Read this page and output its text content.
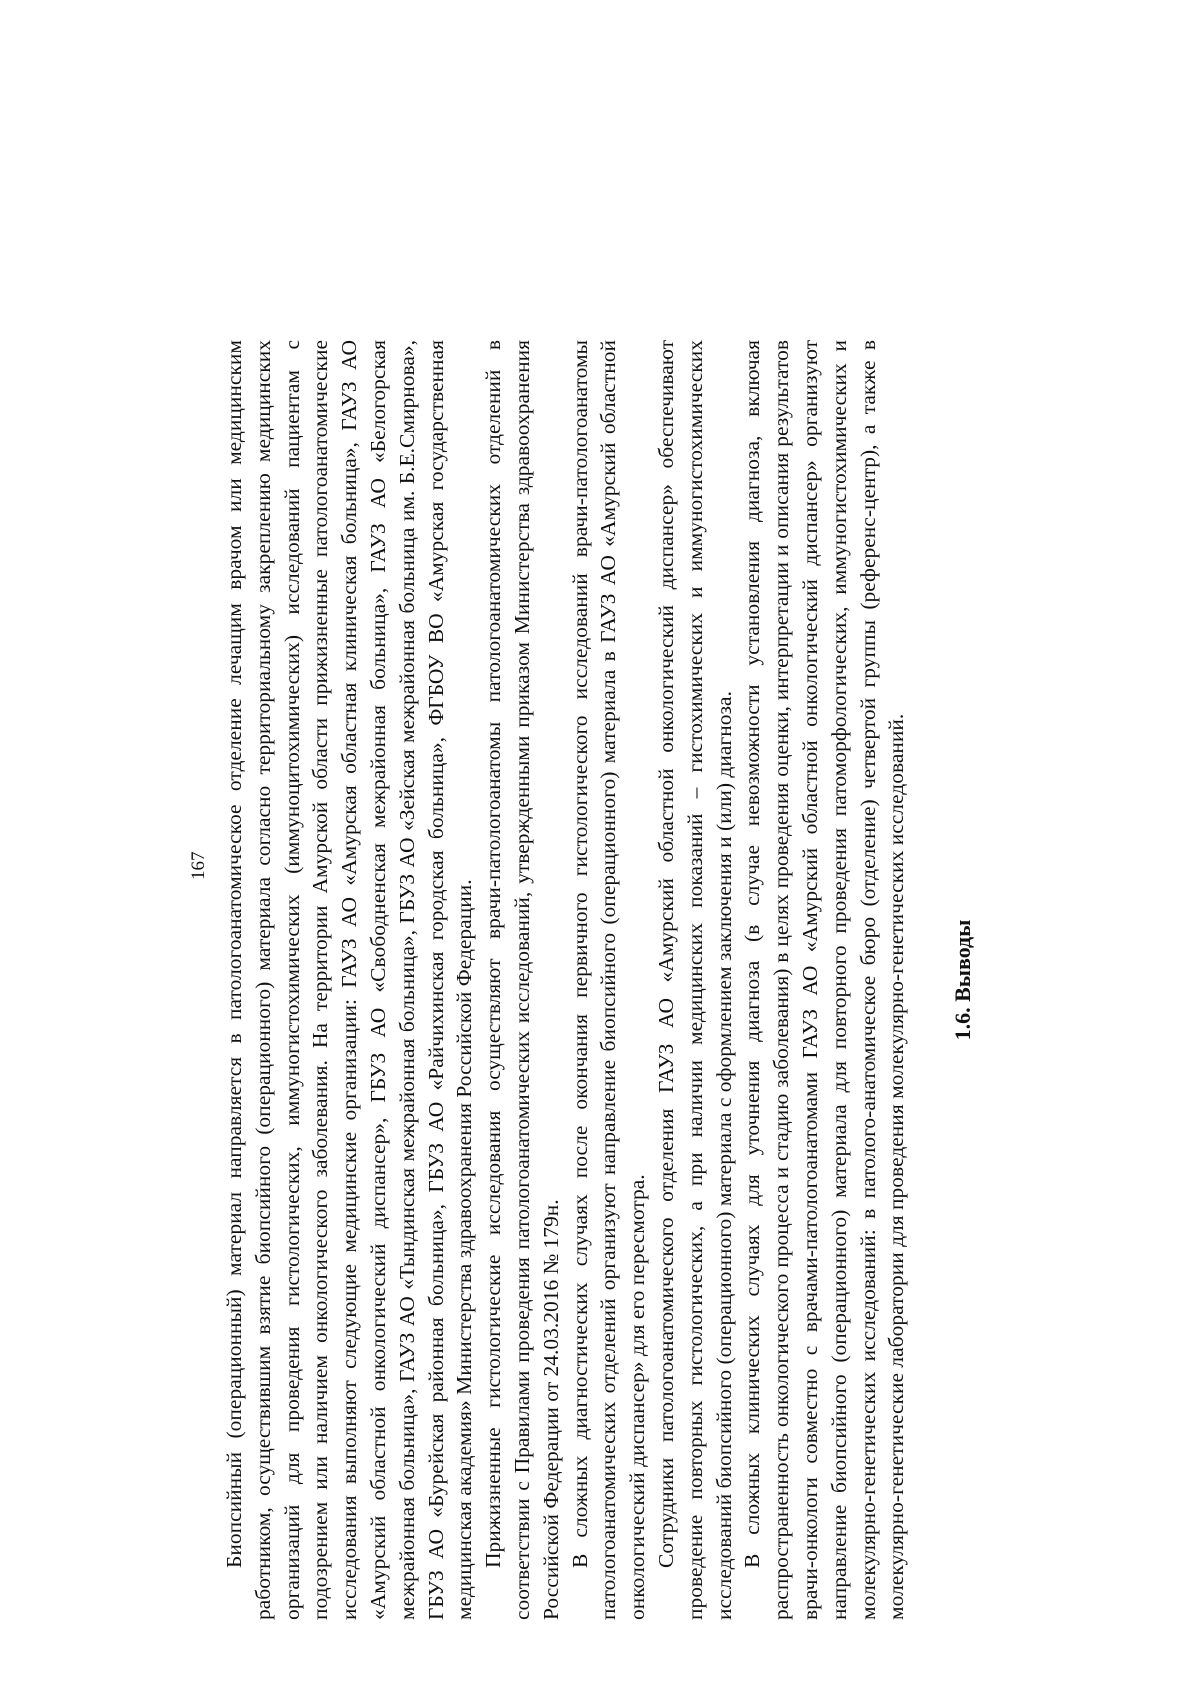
167 Биопсийный (операционный) материал направляется в патологоанатомическое отделение лечащим врачом или медицинским работником, осуществившим взятие биопсийного (операционного) материала согласно территориальному закреплению медицинских организаций для проведения гистологических, иммуногистохимических (иммуноцитохимических) исследований пациентам с подозрением или наличием онкологического заболевания. На территории Амурской области прижизненные патологоанатомические исследования выполняют следующие медицинские организации: ГАУЗ АО «Амурская областная клиническая больница», ГАУЗ АО «Амурский областной онкологический диспансер», ГБУЗ АО «Свободненская межрайонная больница», ГАУЗ АО «Белогорская межрайонная больница», ГАУЗ АО «Тындинская межрайонная больница», ГБУЗ АО «Зейская межрайонная больница им. Б.Е.Смирнова», ГБУЗ АО «Бурейская районная больница», ГБУЗ АО «Райчихинская городская больница», ФГБОУ ВО «Амурская государственная медицинская академия» Министерства здравоохранения Российской Федерации. Прижизненные гистологические исследования осуществляют врачи-патологоанатомы патологоанатомических отделений в соответствии с Правилами проведения патологоанатомических исследований, утвержденными приказом Министерства здравоохранения Российской Федерации от 24.03.2016 № 179н. В сложных диагностических случаях после окончания первичного гистологического исследований врачи-патологоанатомы патологоанатомических отделений организуют направление биопсийного (операционного) материала в ГАУЗ АО «Амурский областной онкологический диспансер» для его пересмотра. Сотрудники патологоанатомического отделения ГАУЗ АО «Амурский областной онкологический диспансер» обеспечивают проведение повторных гистологических, а при наличии медицинских показаний – гистохимических и иммуногистохимических исследований биопсийного (операционного) материала с оформлением заключения и (или) диагноза. В сложных клинических случаях для уточнения диагноза (в случае невозможности установления диагноза, включая распространенность онкологического процесса и стадию заболевания) в целях проведения оценки, интерпретации и описания результатов врачи-онкологи совместно с врачами-патологоанатомами ГАУЗ АО «Амурский областной онкологический диспансер» организуют направление биопсийного (операционного) материала для повторного проведения патоморфологических, иммуногистохимических и молекулярно-генетических исследований: в патолого-анатомическое бюро (отделение) четвертой группы (референс-центр), а также в молекулярно-генетические лаборатории для проведения молекулярно-генетических исследований. 1.6. Выводы
